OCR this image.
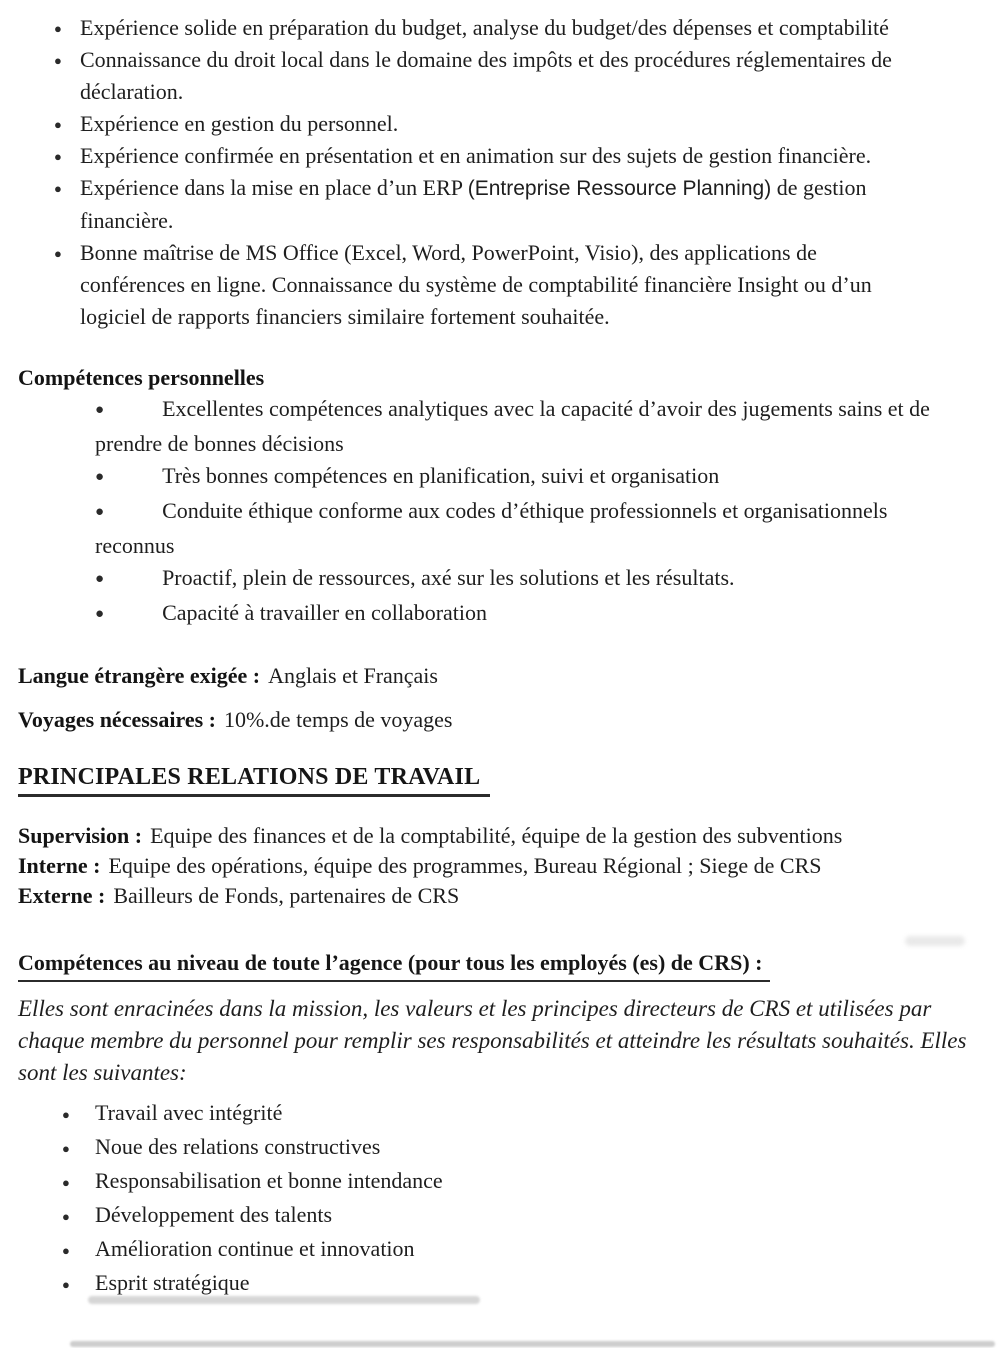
● Expérience solide en préparation du budget, analyse du budget/des dépenses et comptabilité
● Connaissance du droit local dans le domaine des impôts et des procédures réglementaires de déclaration.
● Expérience en gestion du personnel.
● Expérience confirmée en présentation et en animation sur des sujets de gestion financière.
● Expérience dans la mise en place d’un ERP (Entreprise Ressource Planning) de gestion financière.
● Bonne maîtrise de MS Office (Excel, Word, PowerPoint, Visio), des applications de conférences en ligne. Connaissance du système de comptabilité financière Insight ou d’un logiciel de rapports financiers similaire fortement souhaitée.
Compétences personnelles
●	Excellentes compétences analytiques avec la capacité d’avoir des jugements sains et de prendre de bonnes décisions
●	Très bonnes compétences en planification, suivi et organisation
●	Conduite éthique conforme aux codes d’éthique professionnels et organisationnels reconnus
●	Proactif, plein de ressources, axé sur les solutions et les résultats.
●	Capacité à travailler en collaboration
Langue étrangère exigée : Anglais et Français
Voyages nécessaires : 10%.de temps de voyages
PRINCIPALES RELATIONS DE TRAVAIL
Supervision : Equipe des finances et de la comptabilité, équipe de la gestion des subventions
Interne : Equipe des opérations, équipe des programmes, Bureau Régional ; Siege de CRS
Externe : Bailleurs de Fonds, partenaires de CRS
Compétences au niveau de toute l’agence (pour tous les employés (es) de CRS) :
Elles sont enracinées dans la mission, les valeurs et les principes directeurs de CRS et utilisées par chaque membre du personnel pour remplir ses responsabilités et atteindre les résultats souhaités. Elles sont les suivantes:
● Travail avec intégrité
● Noue des relations constructives
● Responsabilisation et bonne intendance
● Développement des talents
● Amélioration continue et innovation
● Esprit stratégique
